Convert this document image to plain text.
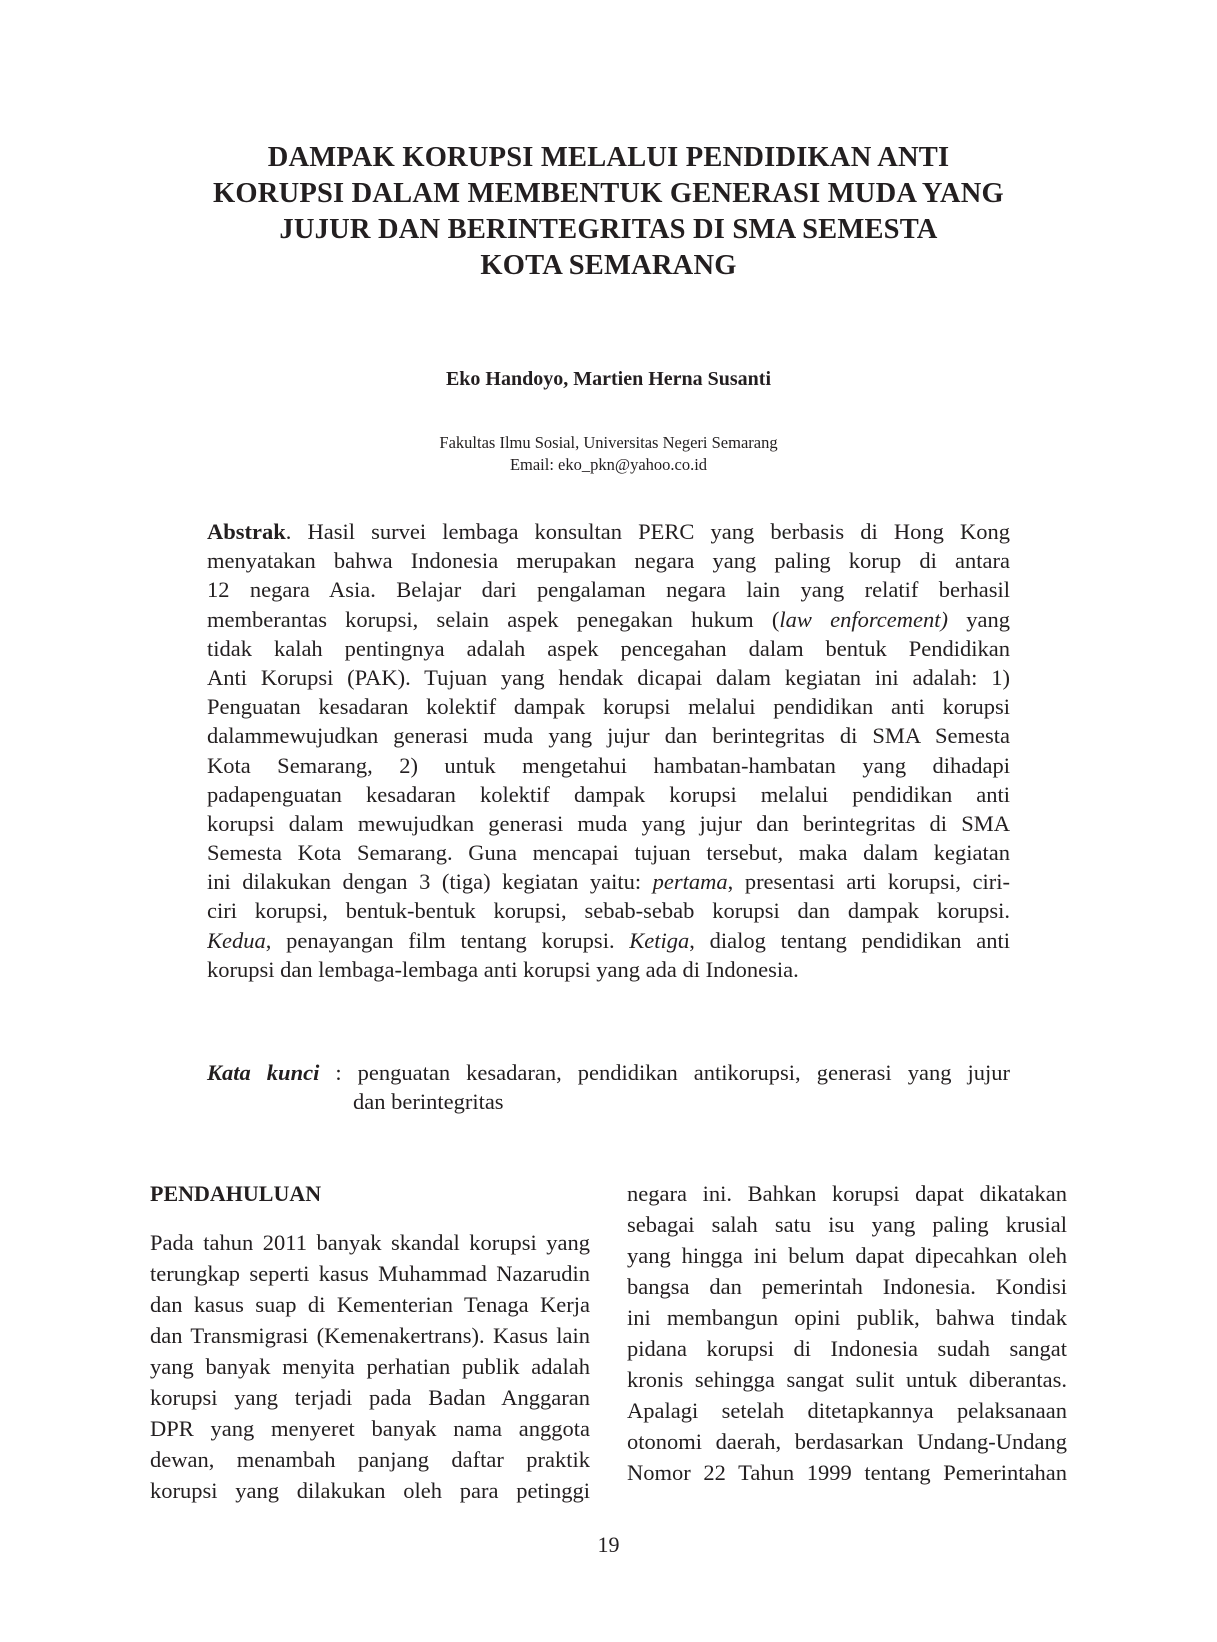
DAMPAK KORUPSI MELALUI PENDIDIKAN ANTI
KORUPSI DALAM MEMBENTUK GENERASI MUDA YANG
JUJUR DAN BERINTEGRITAS DI SMA SEMESTA
KOTA SEMARANG
Eko Handoyo, Martien Herna Susanti
Fakultas Ilmu Sosial, Universitas Negeri Semarang
Email: eko_pkn@yahoo.co.id
Abstrak. Hasil survei lembaga konsultan PERC yang berbasis di Hong Kong
menyatakan bahwa Indonesia merupakan negara yang paling korup di antara
12 negara Asia. Belajar dari pengalaman negara lain yang relatif berhasil
memberantas korupsi, selain aspek penegakan hukum (law enforcement) yang
tidak kalah pentingnya adalah aspek pencegahan dalam bentuk Pendidikan
Anti Korupsi (PAK). Tujuan yang hendak dicapai dalam kegiatan ini adalah: 1)
Penguatan kesadaran kolektif dampak korupsi melalui pendidikan anti korupsi
dalammewujudkan generasi muda yang jujur dan berintegritas di SMA Semesta
Kota Semarang, 2) untuk mengetahui hambatan-hambatan yang dihadapi
padapenguatan kesadaran kolektif dampak korupsi melalui pendidikan anti
korupsi dalam mewujudkan generasi muda yang jujur dan berintegritas di SMA
Semesta Kota Semarang. Guna mencapai tujuan tersebut, maka dalam kegiatan
ini dilakukan dengan 3 (tiga) kegiatan yaitu: pertama, presentasi arti korupsi, ciri-
ciri korupsi, bentuk-bentuk korupsi, sebab-sebab korupsi dan dampak korupsi.
Kedua, penayangan film tentang korupsi. Ketiga, dialog tentang pendidikan anti
korupsi dan lembaga-lembaga anti korupsi yang ada di Indonesia.
Kata kunci : penguatan kesadaran, pendidikan antikorupsi, generasi yang jujur
dan berintegritas
PENDAHULUAN
Pada tahun 2011 banyak skandal korupsi yang
terungkap seperti kasus Muhammad Nazarudin
dan kasus suap di Kementerian Tenaga Kerja
dan Transmigrasi (Kemenakertrans). Kasus lain
yang banyak menyita perhatian publik adalah
korupsi yang terjadi pada Badan Anggaran
DPR yang menyeret banyak nama anggota
dewan, menambah panjang daftar praktik
korupsi yang dilakukan oleh para petinggi
negara ini. Bahkan korupsi dapat dikatakan
sebagai salah satu isu yang paling krusial
yang hingga ini belum dapat dipecahkan oleh
bangsa dan pemerintah Indonesia. Kondisi
ini membangun opini publik, bahwa tindak
pidana korupsi di Indonesia sudah sangat
kronis sehingga sangat sulit untuk diberantas.
Apalagi setelah ditetapkannya pelaksanaan
otonomi daerah, berdasarkan Undang-Undang
Nomor 22 Tahun 1999 tentang Pemerintahan
19
